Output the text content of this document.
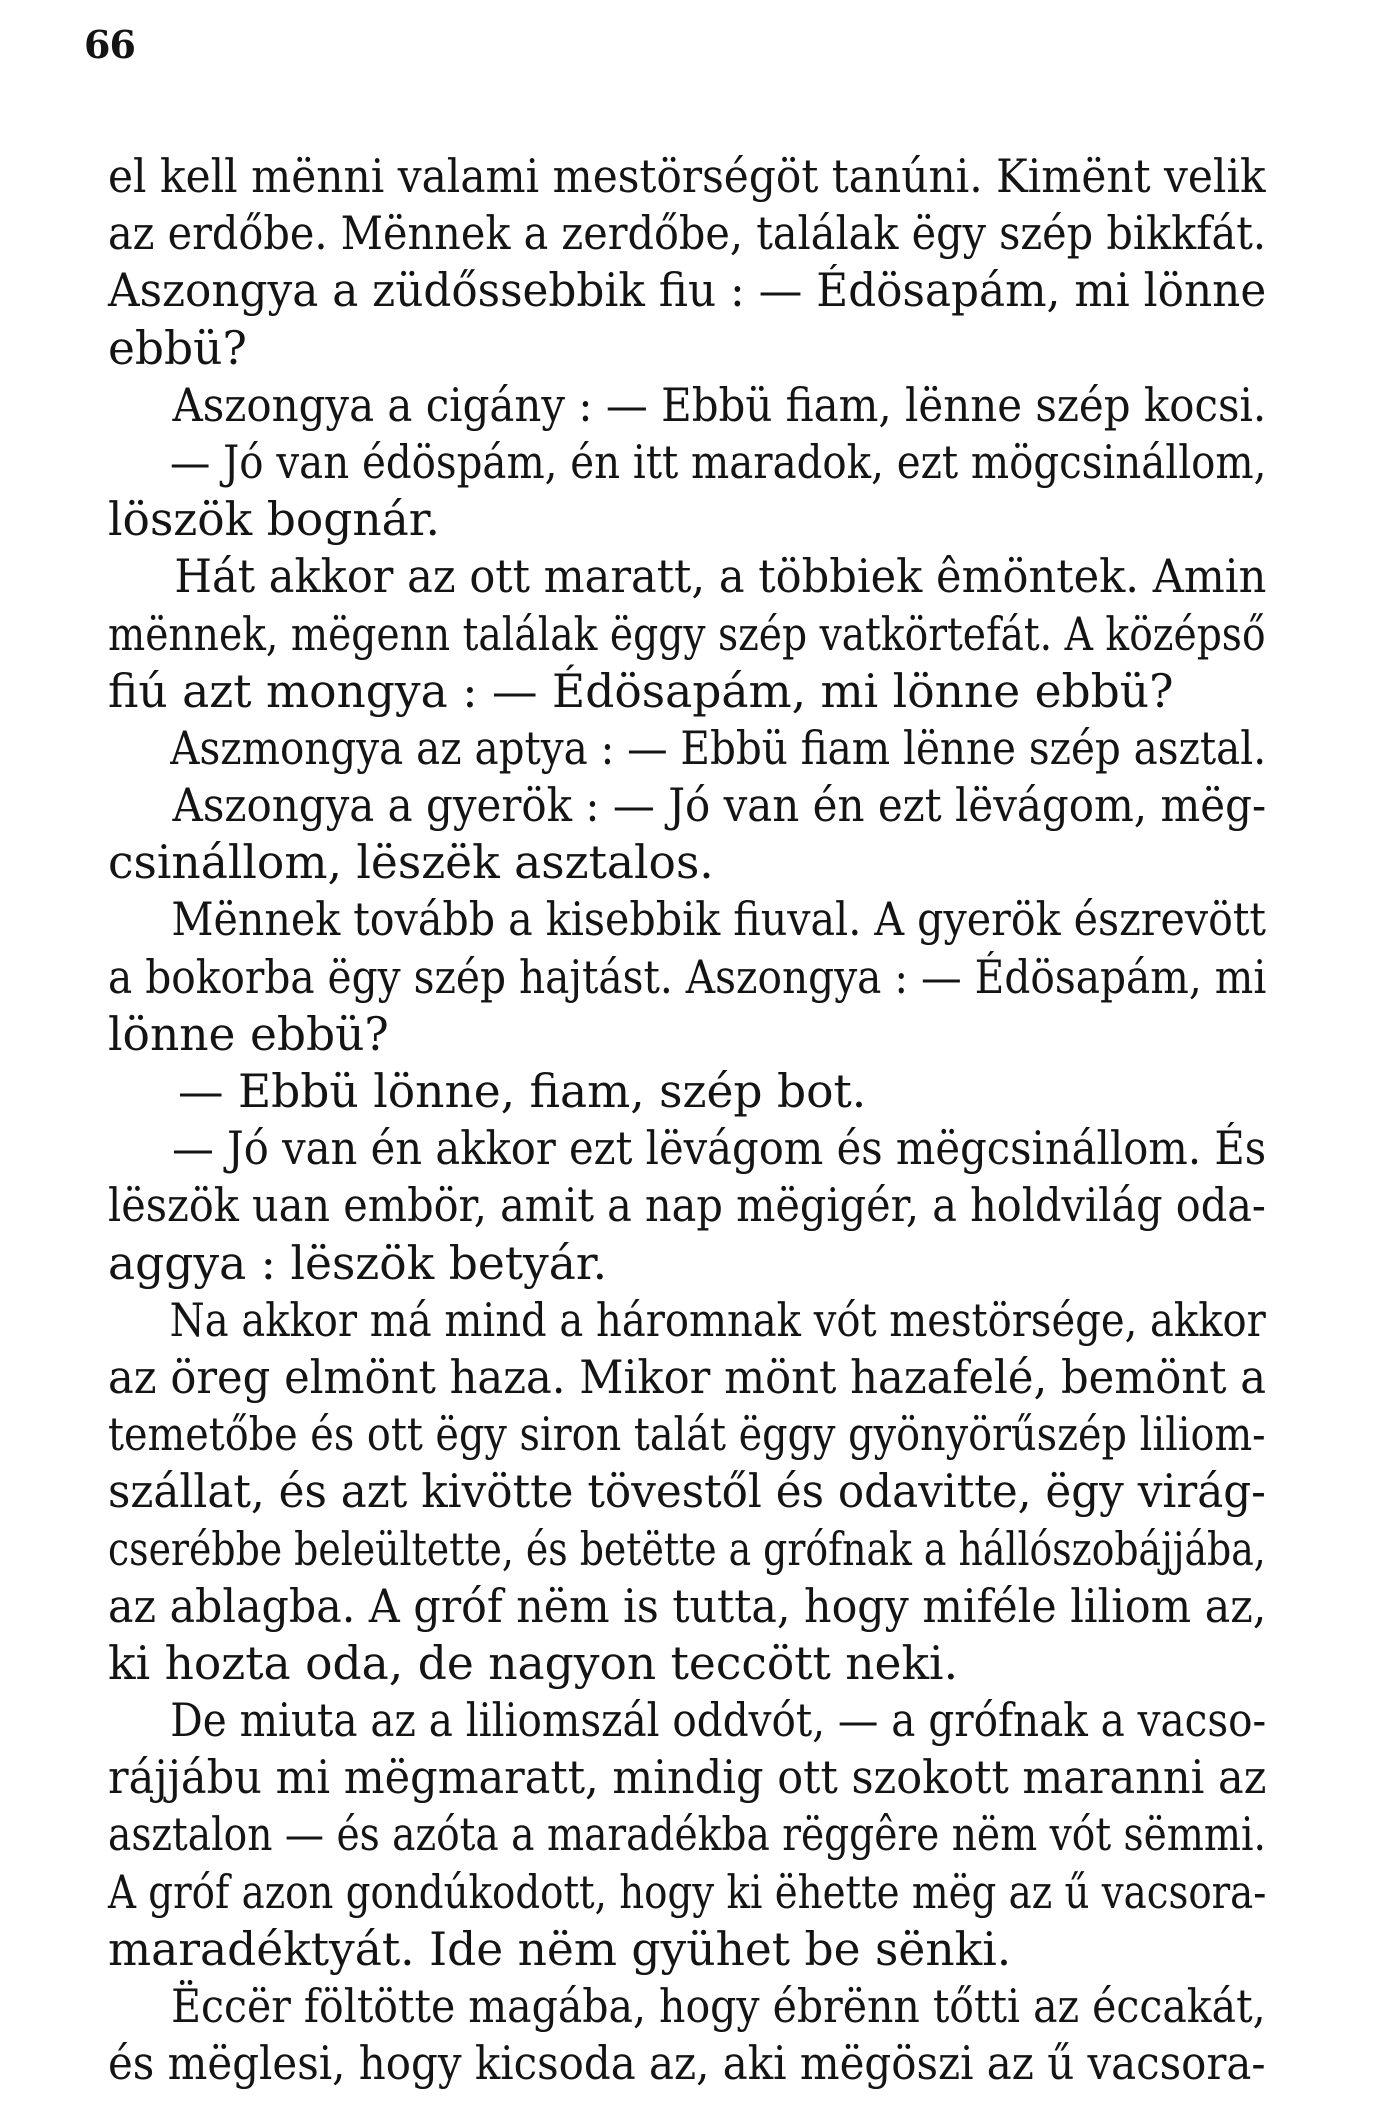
66
el kell mënni valami mestörségöt tanúni. Kimënt velik
az erdőbe. Mënnek a zerdőbe, találak ëgy szép bikkfát.
Aszongya a züdőssebbik fiu : — Édösapám, mi lönne
ebbü?
Aszongya a cigány : — Ebbü fiam, lënne szép kocsi.
— Jó van édöspám, én itt maradok, ezt mögcsinállom,
löszök bognár.
Hát akkor az ott maratt, a többiek êmöntek. Amin
mënnek, mëgenn találak ëggy szép vatkörtefát. A középső
fiú azt mongya : — Édösapám, mi lönne ebbü?
Aszmongya az aptya : — Ebbü fiam lënne szép asztal.
Aszongya a gyerök : — Jó van én ezt lëvágom, mëg-
csinállom, lëszëk asztalos.
Mënnek tovább a kisebbik fiuval. A gyerök észrevött
a bokorba ëgy szép hajtást. Aszongya : — Édösapám, mi
lönne ebbü?
— Ebbü lönne, fiam, szép bot.
— Jó van én akkor ezt lëvágom és mëgcsinállom. És
lëszök uan embör, amit a nap mëgigér, a holdvilág oda-
aggya : lëszök betyár.
Na akkor má mind a háromnak vót mestörsége, akkor
az öreg elmönt haza. Mikor mönt hazafelé, bemönt a
temetőbe és ott ëgy siron talát ëggy gyönyörűszép liliom-
szállat, és azt kivötte tövestől és odavitte, ëgy virág-
cserébbe beleültette, és betëtte a grófnak a hállószobájjába,
az ablagba. A gróf nëm is tutta, hogy miféle liliom az,
ki hozta oda, de nagyon teccött neki.
De miuta az a liliomszál oddvót, — a grófnak a vacso-
rájjábu mi mëgmaratt, mindig ott szokott maranni az
asztalon — és azóta a maradékba rëggêre nëm vót sëmmi.
A gróf azon gondúkodott, hogy ki ëhette mëg az ű vacsora-
maradéktyát. Ide nëm gyühet be sënki.
Ëccër föltötte magába, hogy ébrënn tőtti az éccakát,
és mëglesi, hogy kicsoda az, aki mëgöszi az ű vacsora-
